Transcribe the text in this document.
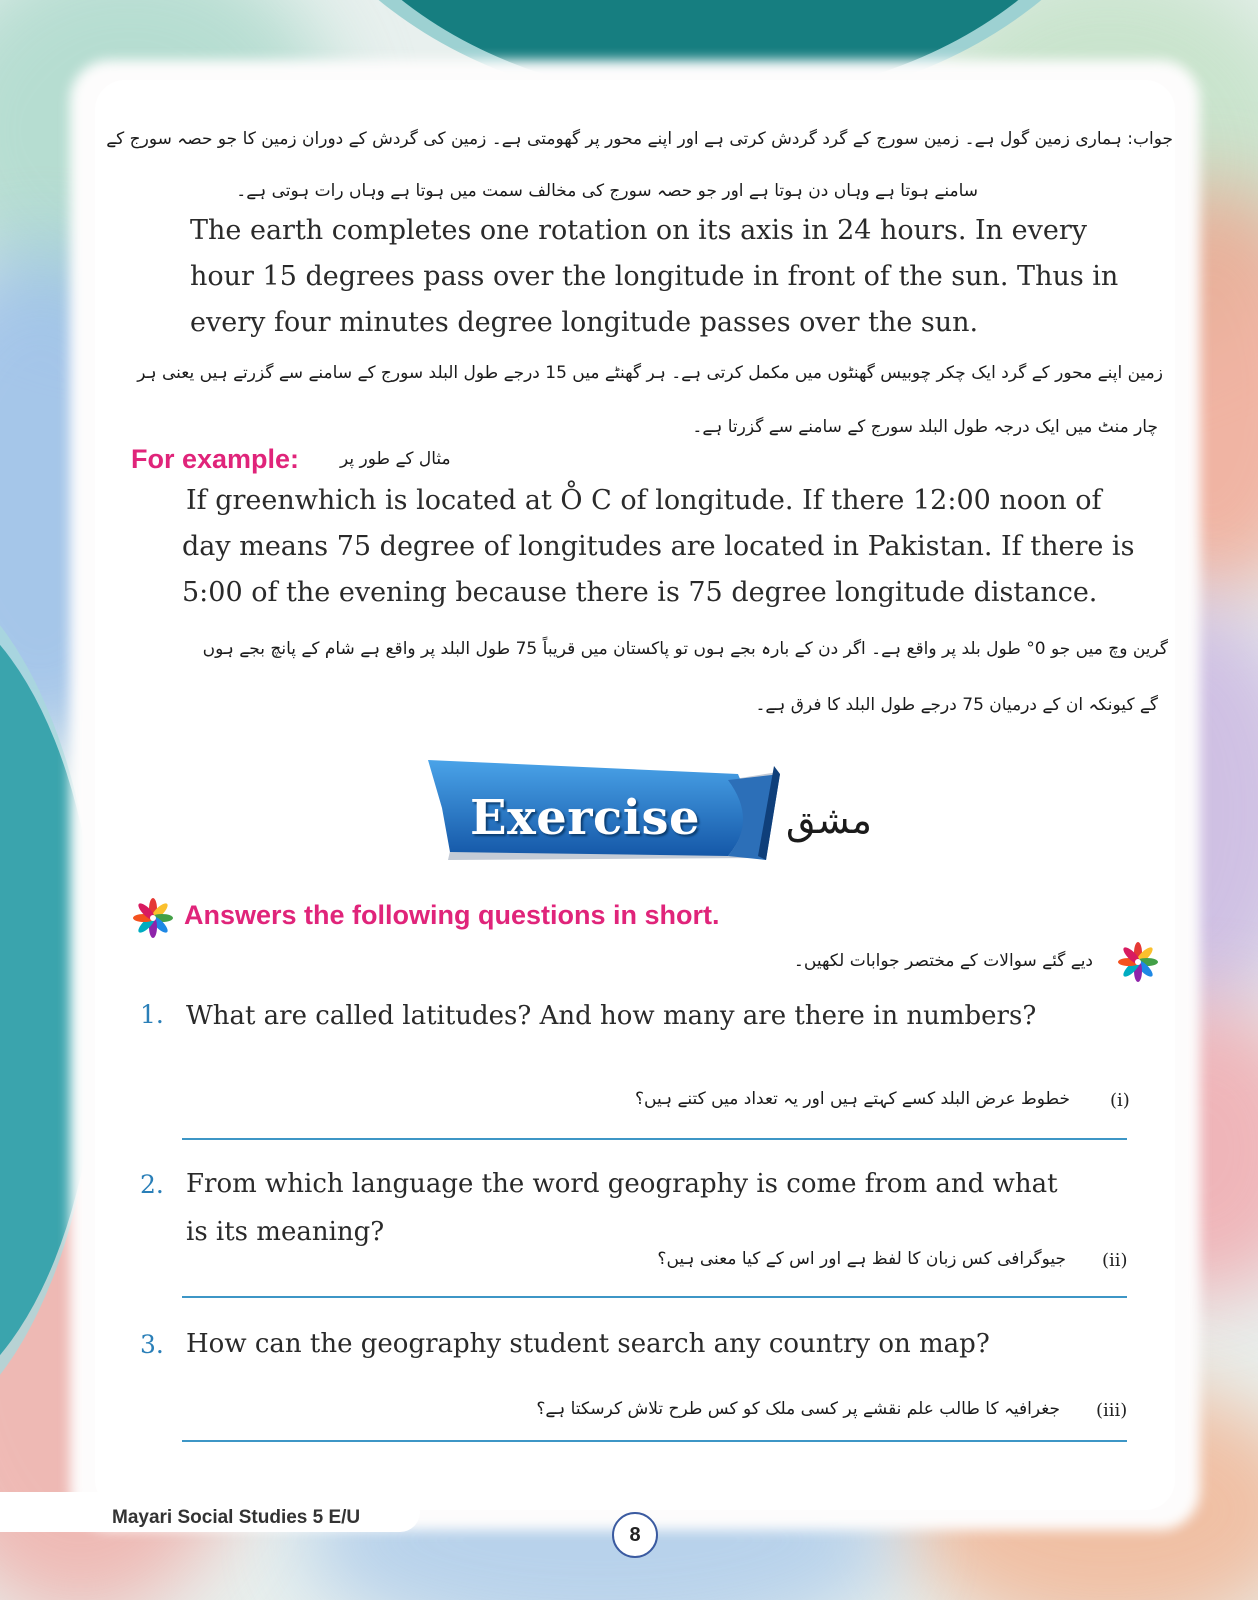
جواب: ہماری زمین گول ہے۔ زمین سورج کے گرد گردش کرتی ہے اور اپنے محور پر گھومتی ہے۔ زمین کی گردش کے دوران زمین کا جو حصہ سورج کے
سامنے ہوتا ہے وہاں دن ہوتا ہے اور جو حصہ سورج کی مخالف سمت میں ہوتا ہے وہاں رات ہوتی ہے۔
The earth completes one rotation on its axis in 24 hours. In every
hour 15 degrees pass over the longitude in front of the sun. Thus in
every four minutes degree longitude passes over the sun.
زمین اپنے محور کے گرد ایک چکر چوبیس گھنٹوں میں مکمل کرتی ہے۔ ہر گھنٹے میں 15 درجے طول البلد سورج کے سامنے سے گزرتے ہیں یعنی ہر
چار منٹ میں ایک درجہ طول البلد سورج کے سامنے سے گزرتا ہے۔
For example: مثال کے طور پر
If greenwhich is located at O̊ C of longitude. If there 12:00 noon of
day means 75 degree of longitudes are located in Pakistan. If there is
5:00 of the evening because there is 75 degree longitude distance.
گرین وچ میں جو 0° طول بلد پر واقع ہے۔ اگر دن کے بارہ بجے ہوں تو پاکستان میں قریباً 75 طول البلد پر واقع ہے شام کے پانچ بجے ہوں
گے کیونکہ ان کے درمیان 75 درجے طول البلد کا فرق ہے۔
Exercise مشق
Answers the following questions in short.
دیے گئے سوالات کے مختصر جوابات لکھیں۔
1. What are called latitudes? And how many are there in numbers?
(i)
خطوط عرض البلد کسے کہتے ہیں اور یہ تعداد میں کتنے ہیں؟
2. From which language the word geography is come from and what
is its meaning?
(ii)
جیوگرافی کس زبان کا لفظ ہے اور اس کے کیا معنی ہیں؟
3. How can the geography student search any country on map?
(iii)
جغرافیہ کا طالب علم نقشے پر کسی ملک کو کس طرح تلاش کرسکتا ہے؟
Mayari Social Studies 5 E/U
8
